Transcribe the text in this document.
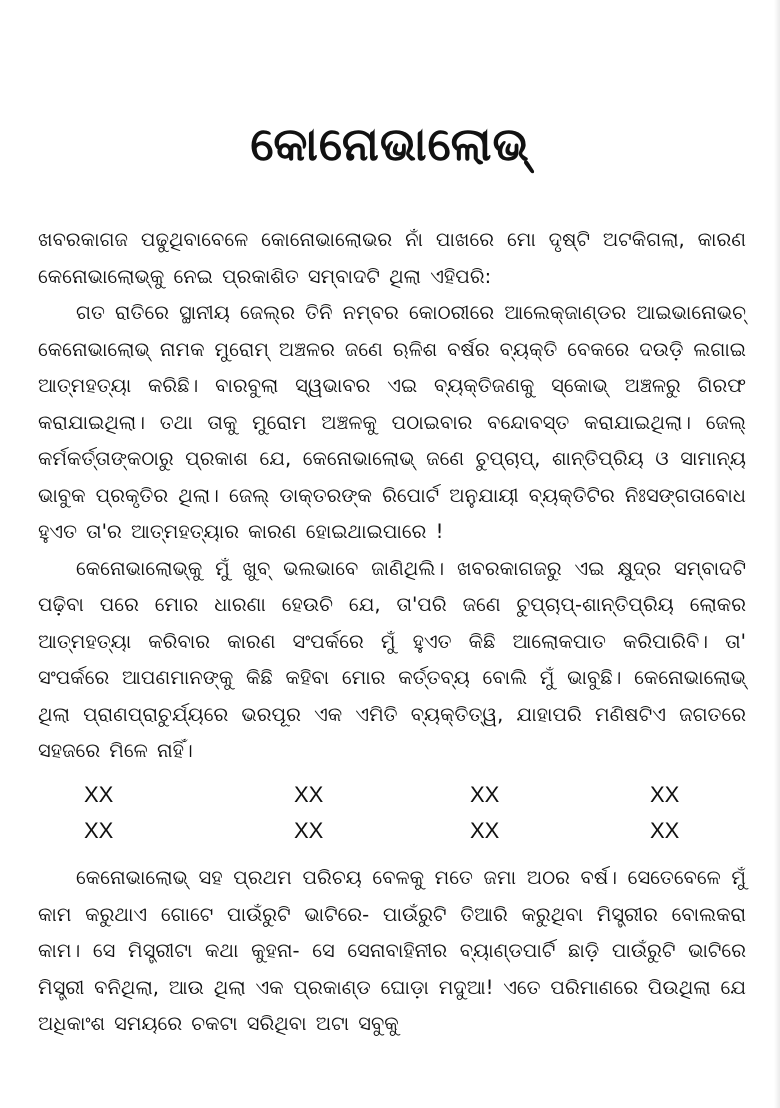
କୋନୋଭାଲୋଭ୍

ଖବରକାଗଜ ପଢୁଥିବାବେଳେ କୋନୋଭାଲୋଭର ନାଁ ପାଖରେ ମୋ ଦୃଷ୍ଟି ଅଟକିଗଲା, କାରଣ କେନୋଭାଲୋଭ୍‌କୁ ନେଇ ପ୍ରକାଶିତ ସମ୍ବାଦଟି ଥିଲା ଏହିପରି:

ଗତ ରାତିରେ ସ୍ଥାନୀୟ ଜେଲ୍‌ର ତିନି ନମ୍ବର କୋଠରୀରେ ଆଲେକ୍‌ଜାଣ୍ଡର ଆଇଭାନୋଭଚ୍ କେନୋଭାଲୋଭ୍ ନାମକ ମୁରୋମ୍ ଅଞ୍ଚଳର ଜଣେ ଋଳିଶ ବର୍ଷର ବ୍ୟକ୍ତି ବେକରେ ଦଉଡ଼ି ଲଗାଇ ଆତ୍ମହତ୍ୟା କରିଛି। ବାରବୁଲା ସ୍ୱଭାବର ଏଇ ବ୍ୟକ୍ତିଜଣକୁ ସ୍କୋଭ୍ ଅଞ୍ଚଳରୁ ଗିରଫ କରାଯାଇଥିଲା। ତଥା ତାକୁ ମୁରୋମ ଅଞ୍ଚଳକୁ ପଠାଇବାର ବନ୍ଦୋବସ୍ତ କରାଯାଇଥିଲା। ଜେଲ୍ କର୍ମକର୍ତ୍ତାଙ୍କଠାରୁ ପ୍ରକାଶ ଯେ, କେନୋଭାଲୋଭ୍ ଜଣେ ଚୁପ୍‌ଚାପ୍, ଶାନ୍ତିପ୍ରିୟ ଓ ସାମାନ୍ୟ ଭାବୁକ ପ୍ରକୃତିର ଥିଲା। ଜେଲ୍ ଡାକ୍ତରଙ୍କ ରିପୋର୍ଟ ଅନୁଯାୟୀ ବ୍ୟକ୍ତିଟିର ନିଃସଙ୍ଗତାବୋଧ ହୁଏତ ତା'ର ଆତ୍ମହତ୍ୟାର କାରଣ ହୋଇଥାଇପାରେ !

କେନୋଭାଲୋଭ୍‌କୁ ମୁଁ ଖୁବ୍ ଭଲଭାବେ ଜାଣିଥିଲି। ଖବରକାଗଜରୁ ଏଇ କ୍ଷୁଦ୍ର ସମ୍ବାଦଟି ପଢ଼ିବା ପରେ ମୋର ଧାରଣା ହେଉଚି ଯେ, ତା'ପରି ଜଣେ ଚୁପ୍‌ଚାପ୍-ଶାନ୍ତିପ୍ରିୟ ଲୋକର ଆତ୍ମହତ୍ୟା କରିବାର କାରଣ ସଂପର୍କରେ ମୁଁ ହୁଏତ କିଛି ଆଲୋକପାତ କରିପାରିବି। ତା' ସଂପର୍କରେ ଆପଣମାନଙ୍କୁ କିଛି କହିବା ମୋର କର୍ତ୍ତବ୍ୟ ବୋଲି ମୁଁ ଭାବୁଛି। କେନୋଭାଲୋଭ୍ ଥିଲା ପ୍ରାଣପ୍ରାଚୁର୍ଯ୍ୟରେ ଭରପୂର ଏକ ଏମିତି ବ୍ୟକ୍ତିତ୍ୱ, ଯାହାପରି ମଣିଷଟିଏ ଜଗତରେ ସହଜରେ ମିଳେ ନାହିଁ।

XX	XX	XX	XX
XX	XX	XX	XX

କେନୋଭାଲୋଭ୍ ସହ ପ୍ରଥମ ପରିଚୟ ବେଳକୁ ମତେ ଜମା ଅଠର ବର୍ଷ। ସେତେବେଳେ ମୁଁ କାମ କରୁଥାଏ ଗୋଟେ ପାଉଁରୁଟି ଭାଟିରେ- ପାଉଁରୁଟି ତିଆରି କରୁଥିବା ମିସ୍ତ୍ରୀର ବୋଲକରା କାମ। ସେ ମିସ୍ତ୍ରୀଟା କଥା କୁହନା- ସେ ସେନାବାହିନୀର ବ୍ୟାଣ୍ଡପାର୍ଟି ଛାଡ଼ି ପାଉଁରୁଟି ଭାଟିରେ ମିସ୍ତ୍ରୀ ବନିଥିଲା, ଆଉ ଥିଲା ଏକ ପ୍ରକାଣ୍ଡ ଘୋଡ଼ା ମଦୁଆ! ଏତେ ପରିମାଣରେ ପିଉଥିଲା ଯେ ଅଧିକାଂଶ ସମୟରେ ଚକଟା ସରିଥିବା ଅଟା ସବୁକୁ
